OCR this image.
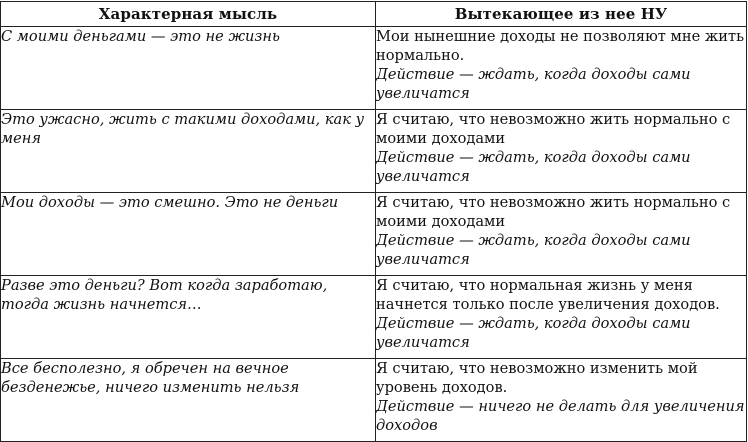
Характерная мысль	Вытекающее из нее НУ

С моими деньгами — это не жизнь	Мои нынешние доходы не позволяют мне жить нормально.
Действие — ждать, когда доходы сами увеличатся

Это ужасно, жить с такими доходами, как у меня	Я считаю, что невозможно жить нормально с моими доходами
Действие — ждать, когда доходы сами увеличатся

Мои доходы — это смешно. Это не деньги	Я считаю, что невозможно жить нормально с моими доходами
Действие — ждать, когда доходы сами увеличатся

Разве это деньги? Вот когда заработаю, тогда жизнь начнется…	Я считаю, что нормальная жизнь у меня начнется только после увеличения доходов.
Действие — ждать, когда доходы сами увеличатся

Все бесполезно, я обречен на вечное безденежье, ничего изменить нельзя	Я считаю, что невозможно изменить мой уровень доходов.
Действие — ничего не делать для увеличения доходов
